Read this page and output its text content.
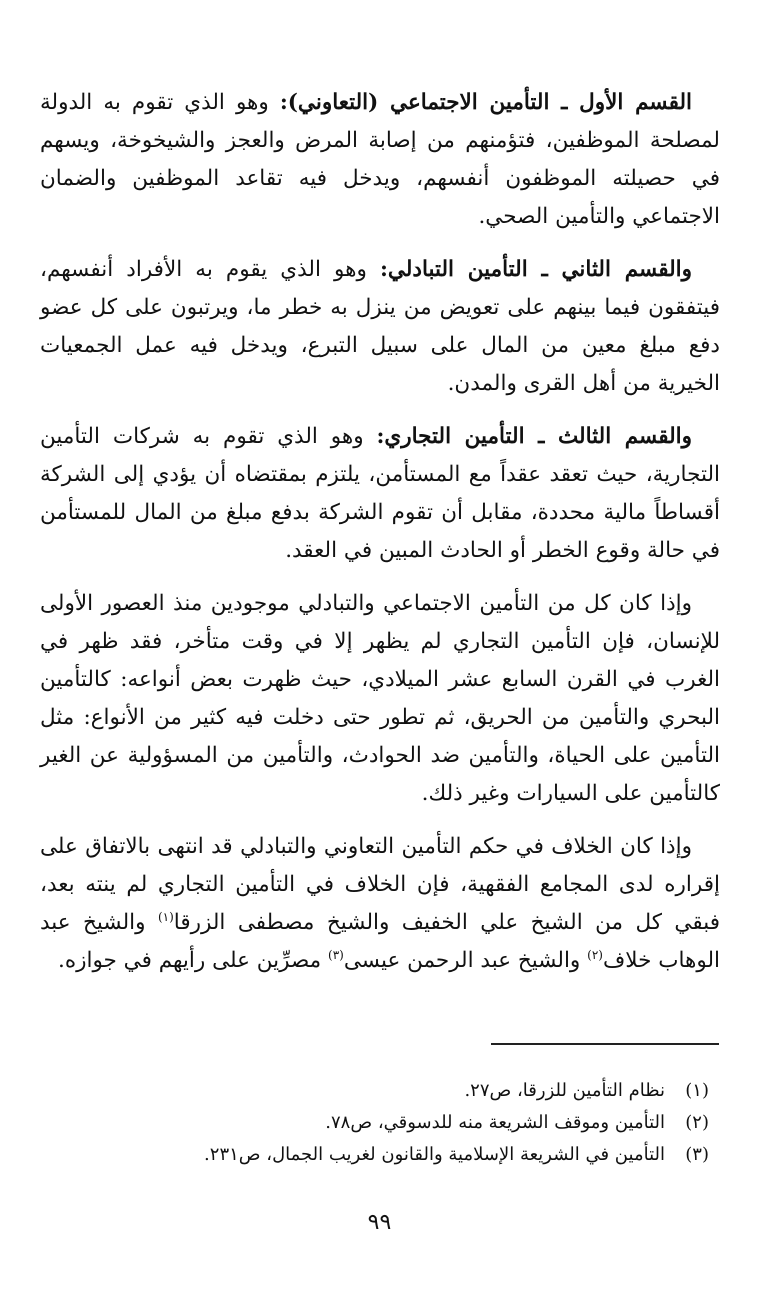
القسم الأول ـ التأمين الاجتماعي (التعاوني): وهو الذي تقوم به الدولة لمصلحة الموظفين، فتؤمنهم من إصابة المرض والعجز والشيخوخة، ويسهم في حصيلته الموظفون أنفسهم، ويدخل فيه تقاعد الموظفين والضمان الاجتماعي والتأمين الصحي.

والقسم الثاني ـ التأمين التبادلي: وهو الذي يقوم به الأفراد أنفسهم، فيتفقون فيما بينهم على تعويض من ينزل به خطر ما، ويرتبون على كل عضو دفع مبلغ معين من المال على سبيل التبرع، ويدخل فيه عمل الجمعيات الخيرية من أهل القرى والمدن.

والقسم الثالث ـ التأمين التجاري: وهو الذي تقوم به شركات التأمين التجارية، حيث تعقد عقداً مع المستأمن، يلتزم بمقتضاه أن يؤدي إلى الشركة أقساطاً مالية محددة، مقابل أن تقوم الشركة بدفع مبلغ من المال للمستأمن في حالة وقوع الخطر أو الحادث المبين في العقد.

وإذا كان كل من التأمين الاجتماعي والتبادلي موجودين منذ العصور الأولى للإنسان، فإن التأمين التجاري لم يظهر إلا في وقت متأخر، فقد ظهر في الغرب في القرن السابع عشر الميلادي، حيث ظهرت بعض أنواعه: كالتأمين البحري والتأمين من الحريق، ثم تطور حتى دخلت فيه كثير من الأنواع: مثل التأمين على الحياة، والتأمين ضد الحوادث، والتأمين من المسؤولية عن الغير كالتأمين على السيارات وغير ذلك.

وإذا كان الخلاف في حكم التأمين التعاوني والتبادلي قد انتهى بالاتفاق على إقراره لدى المجامع الفقهية، فإن الخلاف في التأمين التجاري لم ينته بعد، فبقي كل من الشيخ علي الخفيف والشيخ مصطفى الزرقا$^{(١)}$ والشيخ عبد الوهاب خلاف$^{(٢)}$ والشيخ عبد الرحمن عيسى$^{(٣)}$ مصرِّين على رأيهم في جوازه.

(١)نظام التأمين للزرقا، ص٢٧.
(٢)التأمين وموقف الشريعة منه للدسوقي، ص٧٨.
(٣)التأمين في الشريعة الإسلامية والقانون لغريب الجمال، ص٢٣١.
٩٩
